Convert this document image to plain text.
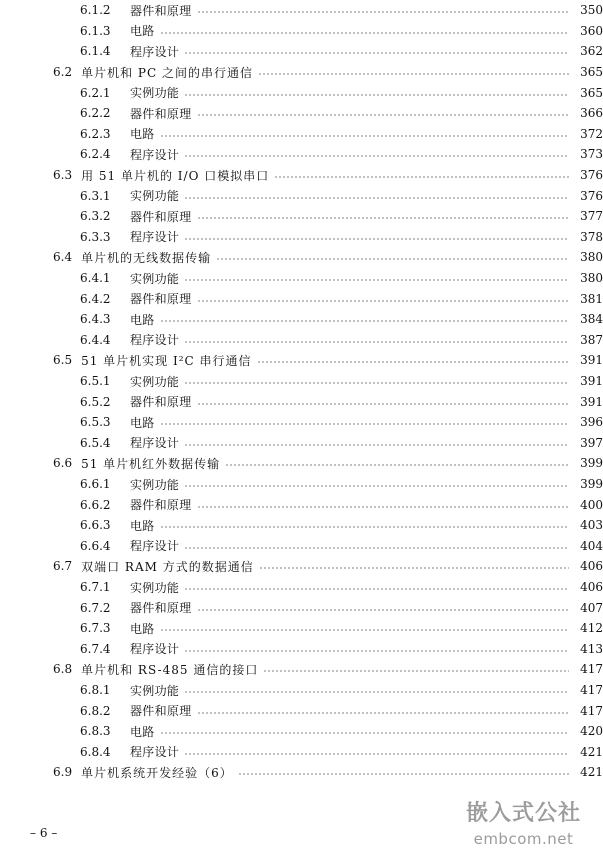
6.1.2	器件和原理	350
6.1.3	电路	360
6.1.4	程序设计	362
6.2 单片机和 PC 之间的串行通信	365
6.2.1	实例功能	365
6.2.2	器件和原理	366
6.2.3	电路	372
6.2.4	程序设计	373
6.3 用 51 单片机的 I/O 口模拟串口	376
6.3.1	实例功能	376
6.3.2	器件和原理	377
6.3.3	程序设计	378
6.4 单片机的无线数据传输	380
6.4.1	实例功能	380
6.4.2	器件和原理	381
6.4.3	电路	384
6.4.4	程序设计	387
6.5 51 单片机实现 I²C 串行通信	391
6.5.1	实例功能	391
6.5.2	器件和原理	391
6.5.3	电路	396
6.5.4	程序设计	397
6.6 51 单片机红外数据传输	399
6.6.1	实例功能	399
6.6.2	器件和原理	400
6.6.3	电路	403
6.6.4	程序设计	404
6.7 双端口 RAM 方式的数据通信	406
6.7.1	实例功能	406
6.7.2	器件和原理	407
6.7.3	电路	412
6.7.4	程序设计	413
6.8 单片机和 RS-485 通信的接口	417
6.8.1	实例功能	417
6.8.2	器件和原理	417
6.8.3	电路	420
6.8.4	程序设计	421
6.9 单片机系统开发经验（6）	421
– 6 –
嵌入式公社
embcom.net
